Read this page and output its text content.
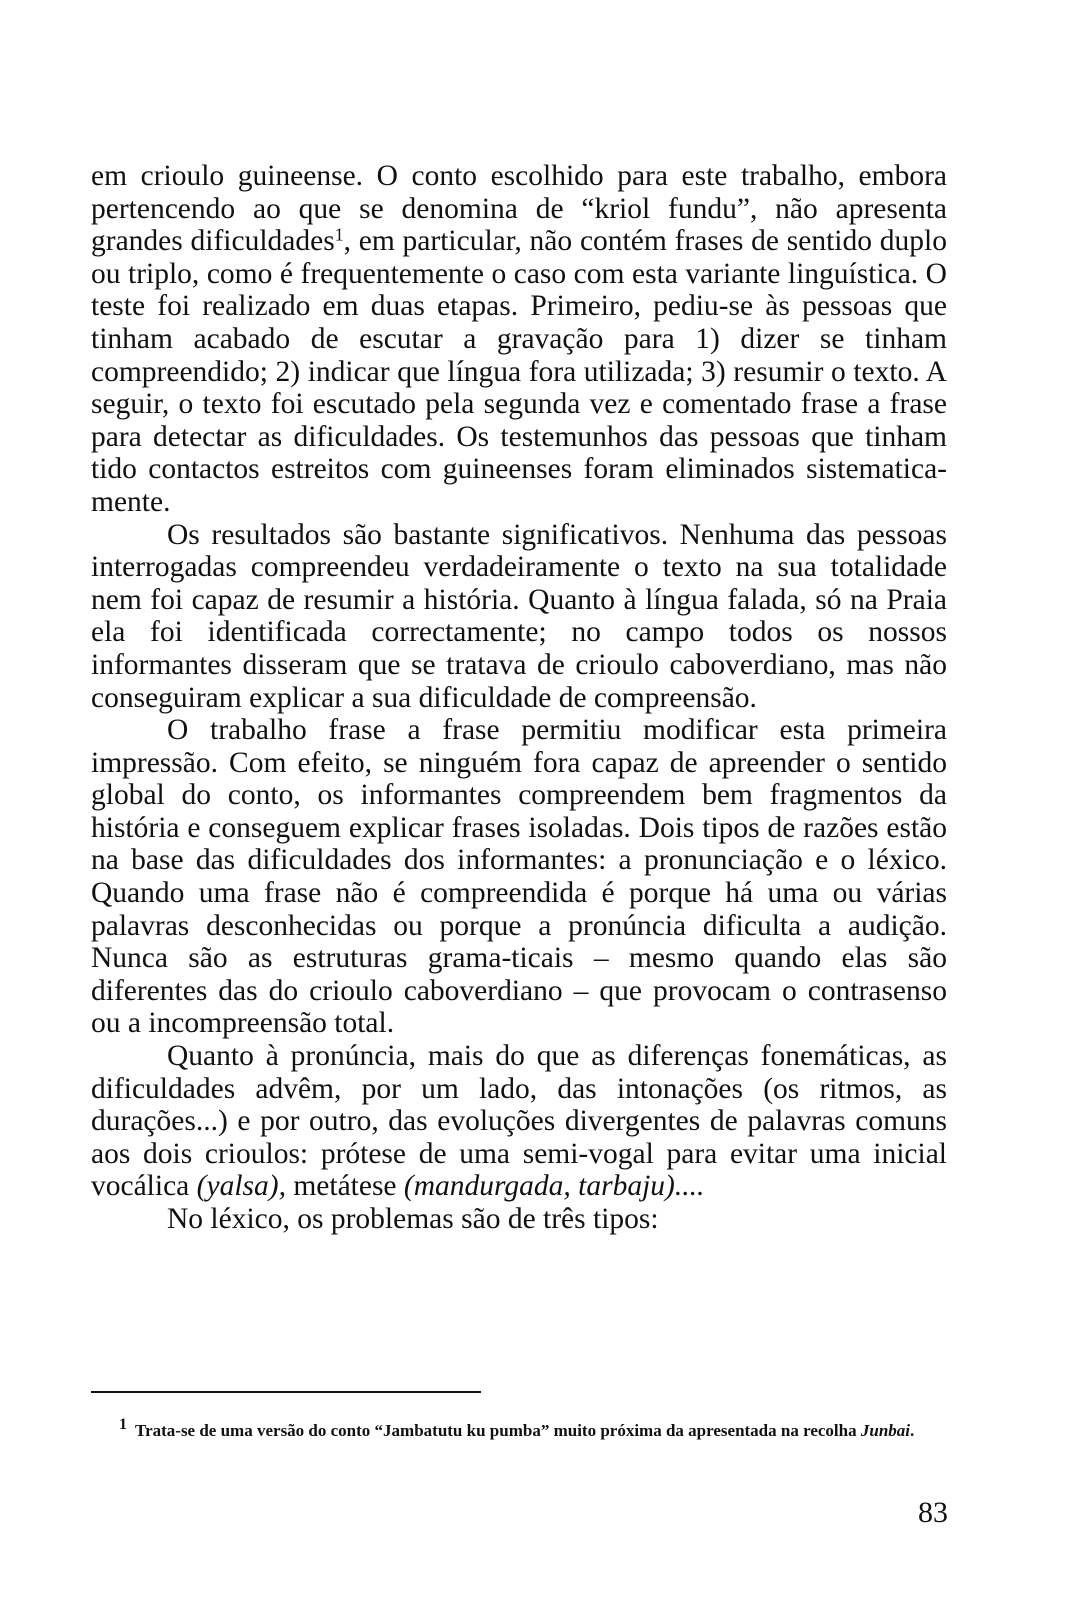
em crioulo guineense. O conto escolhido para este trabalho, embora pertencendo ao que se denomina de “kriol fundu”, não apresenta grandes dificuldades$^1$, em particular, não contém frases de sentido duplo ou triplo, como é frequentemente o caso com esta variante linguística. O teste foi realizado em duas etapas. Primeiro, pediu-se às pessoas que tinham acabado de escutar a gravação para 1) dizer se tinham compreendido; 2) indicar que língua fora utilizada; 3) resumir o texto. A seguir, o texto foi escutado pela segunda vez e comentado frase a frase para detectar as dificuldades. Os testemunhos das pessoas que tinham tido contactos estreitos com guineenses foram eliminados sistematica-mente.

Os resultados são bastante significativos. Nenhuma das pessoas interrogadas compreendeu verdadeiramente o texto na sua totalidade nem foi capaz de resumir a história. Quanto à língua falada, só na Praia ela foi identificada correctamente; no campo todos os nossos informantes disseram que se tratava de crioulo caboverdiano, mas não conseguiram explicar a sua dificuldade de compreensão.

O trabalho frase a frase permitiu modificar esta primeira impressão. Com efeito, se ninguém fora capaz de apreender o sentido global do conto, os informantes compreendem bem fragmentos da história e conseguem explicar frases isoladas. Dois tipos de razões estão na base das dificuldades dos informantes: a pronunciação e o léxico. Quando uma frase não é compreendida é porque há uma ou várias palavras desconhecidas ou porque a pronúncia dificulta a audição. Nunca são as estruturas grama-ticais – mesmo quando elas são diferentes das do crioulo caboverdiano – que provocam o contrasenso ou a incompreensão total.

Quanto à pronúncia, mais do que as diferenças fonemáticas, as dificuldades advêm, por um lado, das intonações (os ritmos, as durações...) e por outro, das evoluções divergentes de palavras comuns aos dois crioulos: prótese de uma semi-vogal para evitar uma inicial vocálica (yalsa), metátese (mandurgada, tarbaju)....

No léxico, os problemas são de três tipos:

1 Trata-se de uma versão do conto “Jambatutu ku pumba” muito próxima da apresentada na recolha Junbai.
83
